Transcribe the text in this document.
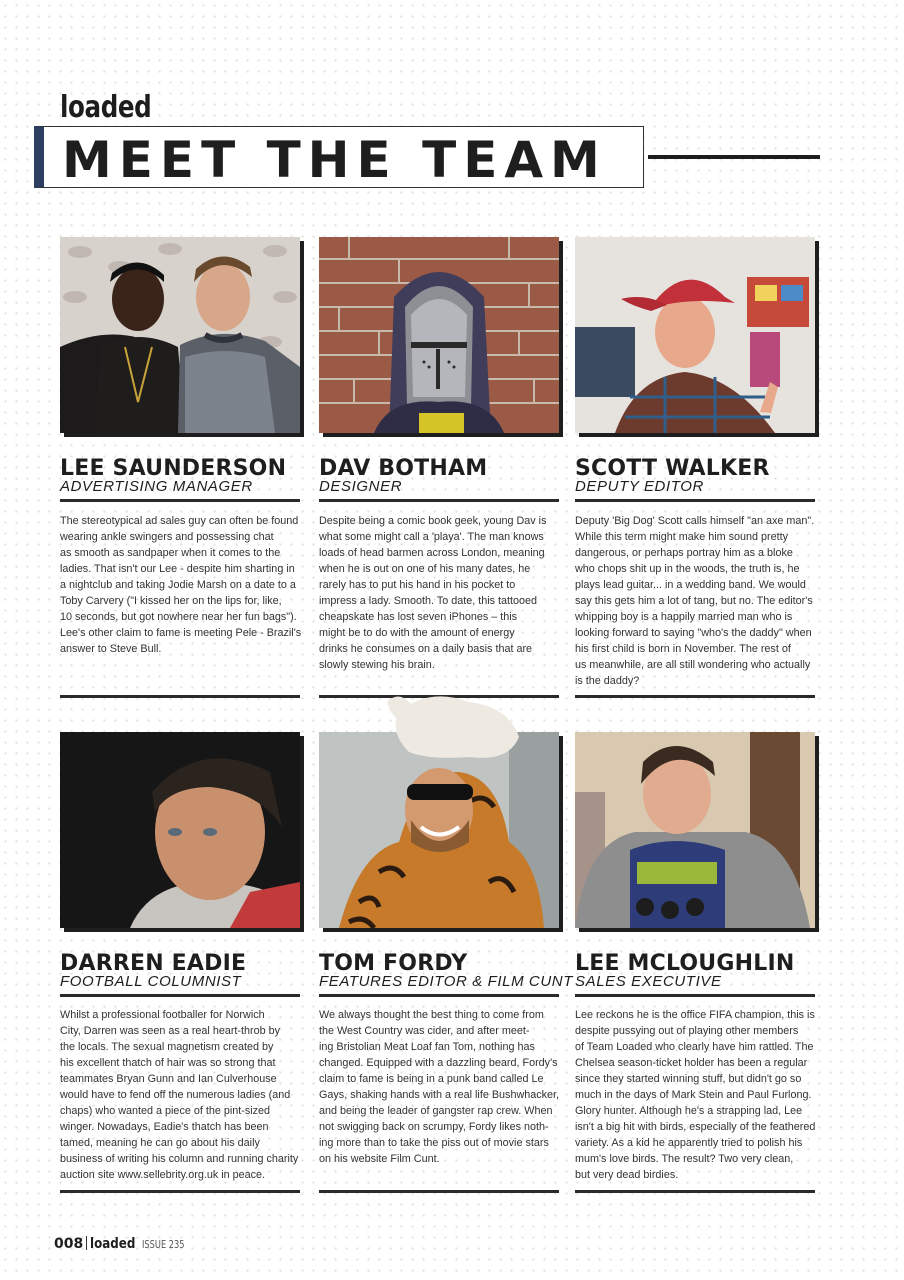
loaded
MEET THE TEAM
LEE SAUNDERSON
ADVERTISING MANAGER
The stereotypical ad sales guy can often be found
wearing ankle swingers and possessing chat
as smooth as sandpaper when it comes to the
ladies. That isn't our Lee - despite him sharting in
a nightclub and taking Jodie Marsh on a date to a
Toby Carvery ("I kissed her on the lips for, like,
10 seconds, but got nowhere near her fun bags").
Lee's other claim to fame is meeting Pele - Brazil's
answer to Steve Bull.
DAV BOTHAM
DESIGNER
Despite being a comic book geek, young Dav is
what some might call a 'playa'. The man knows
loads of head barmen across London, meaning
when he is out on one of his many dates, he
rarely has to put his hand in his pocket to
impress a lady. Smooth. To date, this tattooed
cheapskate has lost seven iPhones – this
might be to do with the amount of energy
drinks he consumes on a daily basis that are
slowly stewing his brain.
SCOTT WALKER
DEPUTY EDITOR
Deputy 'Big Dog' Scott calls himself "an axe man".
While this term might make him sound pretty
dangerous, or perhaps portray him as a bloke
who chops shit up in the woods, the truth is, he
plays lead guitar... in a wedding band. We would
say this gets him a lot of tang, but no. The editor's
whipping boy is a happily married man who is
looking forward to saying "who's the daddy" when
his first child is born in November. The rest of
us meanwhile, are all still wondering who actually
is the daddy?
DARREN EADIE
FOOTBALL COLUMNIST
Whilst a professional footballer for Norwich
City, Darren was seen as a real heart-throb by
the locals. The sexual magnetism created by
his excellent thatch of hair was so strong that
teammates Bryan Gunn and Ian Culverhouse
would have to fend off the numerous ladies (and
chaps) who wanted a piece of the pint-sized
winger. Nowadays, Eadie's thatch has been
tamed, meaning he can go about his daily
business of writing his column and running charity
auction site www.sellebrity.org.uk in peace.
TOM FORDY
FEATURES EDITOR & FILM CUNT
We always thought the best thing to come from
the West Country was cider, and after meet-
ing Bristolian Meat Loaf fan Tom, nothing has
changed. Equipped with a dazzling beard, Fordy's
claim to fame is being in a punk band called Le
Gays, shaking hands with a real life Bushwhacker,
and being the leader of gangster rap crew. When
not swigging back on scrumpy, Fordy likes noth-
ing more than to take the piss out of movie stars
on his website Film Cunt.
LEE MCLOUGHLIN
SALES EXECUTIVE
Lee reckons he is the office FIFA champion, this is
despite pussying out of playing other members
of Team Loaded who clearly have him rattled. The
Chelsea season-ticket holder has been a regular
since they started winning stuff, but didn't go so
much in the days of Mark Stein and Paul Furlong.
Glory hunter. Although he's a strapping lad, Lee
isn't a big hit with birds, especially of the feathered
variety. As a kid he apparently tried to polish his
mum's love birds. The result? Two very clean,
but very dead birdies.
008 loaded ISSUE 235
